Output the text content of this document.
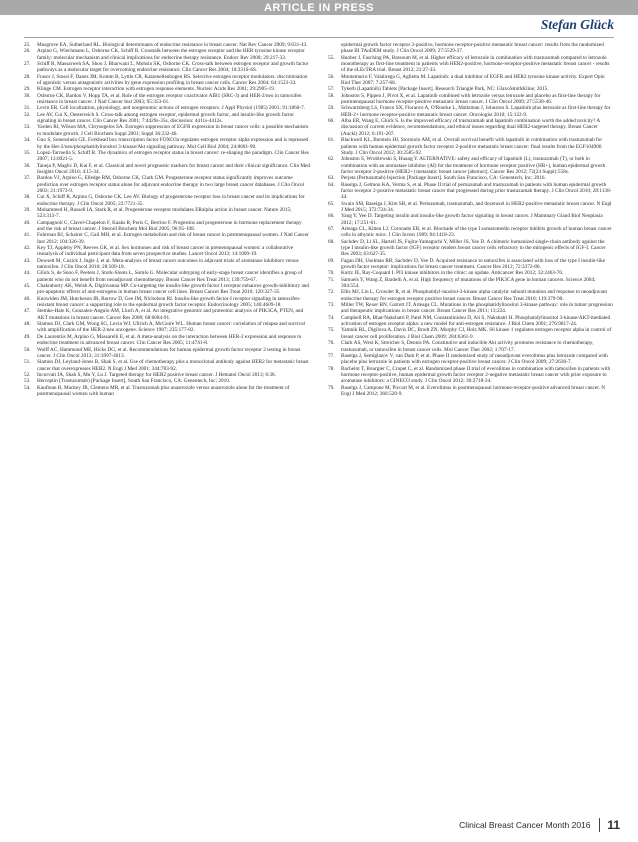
ARTICLE IN PRESS
Stefan Glück
25.	Musgrove EA, Sutherland RL. Biological determinants of endocrine resistance in breast cancer. Nat Rev Cancer 2009; 9:631-43.
26.	Arpino G, Wiechmann L, Osborne CK, Schiff R. Crosstalk between the estrogen receptor and the HER tyrosine kinase receptor family: molecular mechanism and clinical implications for endocrine therapy resistance. Endocr Rev 2008; 29:217-33.
27.	Schiff R, Massarweh SA, Shou J, Bharwani L, Mohsin SK, Osborne CK. Cross-talk between estrogen receptor and growth factor pathways as a molecular target for overcoming endocrine resistance. Clin Cancer Res 2004; 10:331S-6S.
28.	Frasor J, Stossi F, Danes JM, Komm B, Lyttle CR, Katzenellenbogen BS. Selective estrogen receptor modulators: discrimination of agonistic versus antagonistic activities by gene expression profiling in breast cancer cells. Cancer Res 2004; 64:1522-33.
29.	Klinge CM. Estrogen receptor interaction with estrogen response elements. Nucleic Acids Res 2001; 29:2905-19.
30.	Osborne CK, Bardou V, Hopp TA, et al. Role of the estrogen receptor coactivator AIB1 (SRC-3) and HER-2/neu in tamoxifen resistance in breast cancer. J Natl Cancer Inst 2003; 95:353-61.
31.	Levin ER. Cell localization, physiology, and nongenomic actions of estrogen receptors. J Appl Physiol (1985) 2001; 91:1860-7.
32.	Lee AV, Cui X, Oesterreich S. Cross-talk among estrogen receptor, epidermal growth factor, and insulin-like growth factor signaling in breast cancer. Clin Cancer Res 2001; 7:4429s-35s, discussion: 4411s-4412s.
33.	Yarden RI, Wilson MA, Chrysogelos SA. Estrogen suppression of EGFR expression in breast cancer cells: a possible mechanism to modulate growth. J Cell Biochem Suppl 2001; Suppl 36:232-46.
34.	Guo S, Sonenshein GE. Forkhead box transcription factor FOXO3a regulates estrogen receptor alpha expression and is repressed by the Her-2/neu/phosphatidylinositol 3-kinase/Akt signaling pathway. Mol Cell Biol 2004; 24:8681-90.
35.	Lopez-Tarruella S, Schiff R. The dynamics of estrogen receptor status in breast cancer: re-shaping the paradigm. Clin Cancer Res 2007; 13:6921-5.
36.	Taneja P, Maglic D, Kai F, et al. Classical and novel prognostic markers for breast cancer and their clinical significance. Clin Med Insights Oncol 2010; 4:15-34.
37.	Bardou VJ, Arpino G, Elledge RM, Osborne CK, Clark GM. Progesterone receptor status significantly improves outcome prediction over estrogen receptor status alone for adjuvant endocrine therapy in two large breast cancer databases. J Clin Oncol 2003; 21:1973-9.
38.	Cui X, Schiff R, Arpino G, Osborne CK, Lee AV. Biology of progesterone receptor loss in breast cancer and its implications for endocrine therapy. J Clin Oncol 2005; 23:7721-35.
39.	Mohammed H, Russell IA, Stark R, et al. Progesterone receptor modulates ERalpha action in breast cancer. Nature 2015; 523:313-7.
40.	Campagnoli C, Clavel-Chapelon F, Kaaks R, Peris C, Berrino F. Progestins and progesterone in hormone replacement therapy and the risk of breast cancer. J Steroid Biochem Mol Biol 2005; 96:95-108.
41.	Fuhrman BJ, Schairer C, Gail MH, et al. Estrogen metabolism and risk of breast cancer in postmenopausal women. J Natl Cancer Inst 2012; 104:326-39.
42.	Key TJ, Appleby PN, Reeves GK, et al. Sex hormones and risk of breast cancer in premenopausal women: a collaborative reanalysis of individual participant data from seven prospective studies. Lancet Oncol 2013; 14:1009-19.
43.	Dowsett M, Cuzick J, Ingle J, et al. Meta-analysis of breast cancer outcomes in adjuvant trials of aromatase inhibitors versus tamoxifen. J Clin Oncol 2010; 28:509-18.
44.	Glück S, de Snoo F, Peeters J, Stork-Sloots L, Somlo G. Molecular subtyping of early-stage breast cancer identifies a group of patients who do not benefit from neoadjuvant chemotherapy. Breast Cancer Res Treat 2013; 139:759-67.
45.	Chakraborty AK, Welsh A, Digiovanna MP. Co-targeting the insulin-like growth factor I receptor enhances growth-inhibitory and pro-apoptotic effects of anti-estrogens in human breast cancer cell lines. Breast Cancer Res Treat 2010; 120:327-35.
46.	Knowlden JM, Hutcheson IR, Barrow D, Gee JM, Nicholson RI. Insulin-like growth factor-I receptor signaling in tamoxifen-resistant breast cancer: a supporting role to the epidermal growth factor receptor. Endocrinology 2005; 146:4609-18.
47.	Stemke-Hale K, Gonzalez-Angulo AM, Lluch A, et al. An integrative genomic and proteomic analysis of PIK3CA, PTEN, and AKT mutations in breast cancer. Cancer Res 2008; 68:6084-91.
48.	Slamon DJ, Clark GM, Wong SG, Levin WJ, Ullrich A, McGuire WL. Human breast cancer: correlation of relapse and survival with amplification of the HER-2/neu oncogene. Science 1987; 235:177-82.
49.	De Laurentiis M, Arpino G, Massarelli E, et al. A meta-analysis on the interaction between HER-2 expression and response to endocrine treatment in advanced breast cancer. Clin Cancer Res 2005; 11:4741-8.
50.	Wolff AC, Hammond ME, Hicks DG, et al. Recommendations for human epidermal growth factor receptor 2 testing in breast cancer. J Clin Oncol 2013; 31:3997-4013.
51.	Slamon DJ, Leyland-Jones B, Shak S, et al. Use of chemotherapy plus a monoclonal antibody against HER2 for metastatic breast cancer that overexpresses HER2. N Engl J Med 2001; 344:783-92.
52.	Incorvati JA, Shah S, Mu Y, Lu J. Targeted therapy for HER2 positive breast cancer. J Hematol Oncol 2013; 6:38.
53.	Herceptin (Trastuzumab) [Package Insert]. South San Francisco, CA: Genentech, Inc; 2010.
54.	Kaufman B, Mackey JR, Clemens MR, et al. Trastuzumab plus anastrozole versus anastrozole alone for the treatment of postmenopausal women with human
epidermal growth factor receptor 2-positive, hormone receptor-positive metastatic breast cancer: results from the randomized phase III TAnDEM study. J Clin Oncol 2009; 27:5529-37.
55.	Huober J, Fasching PA, Barsoum M, et al. Higher efficacy of letrozole in combination with trastuzumab compared to letrozole monotherapy as first-line treatment in patients with HER2-positive, hormone-receptor-positive metastatic breast cancer - results of the eLEcTRA trial. Breast 2012; 21:27-33.
56.	Montemurro F, Valabrega G, Aglietta M. Lapatinib: a dual inhibitor of EGFR and HER2 tyrosine kinase activity. Expert Opin Biol Ther 2007; 7:257-68.
57.	Tykerb (Lapatinib) Tablets [Package Insert]. Research Triangle Park, NC: GlaxoSmithKline; 2015.
58.	Johnston S, Pippen J, Pivot X, et al. Lapatinib combined with letrozole versus letrozole and placebo as first-line therapy for postmenopausal hormone receptor-positive metastatic breast cancer. J Clin Oncol 2009; 27:5538-46.
59.	Schwartzberg LS, Franco SX, Florance A, O'Rourke L, Maltzman J, Johnston S. Lapatinib plus letrozole as first-line therapy for HER-2+ hormone receptor-positive metastatic breast cancer. Oncologist 2010; 15:122-9.
60.	Alba ER, Wang E, Glück S. Is the improved efficacy of trastuzumab and lapatinib combination worth the added toxicity? A discussion of current evidence, recommendations, and ethical issues regarding dual HER2-targeted therapy. Breast Cancer (Auckl) 2012; 6:191-207.
61.	Blackwell KL, Burstein HJ, Storniolo AM, et al. Overall survival benefit with lapatinib in combination with trastuzumab for patients with human epidermal growth factor receptor 2-positive metastatic breast cancer: final results from the EGF104900 Study. J Clin Oncol 2012; 30:2585-92.
62.	Johnston S, Wroblewski S, Huang Y. ALTERNATIVE: safety and efficacy of lapatinib (L), trastuzumab (T), or both in combination with an aromatase inhibitor (AI) for the treatment of hormone receptor positive (HR+), human epidermal growth factor receptor 2-positive (HER2+) metastatic breast cancer [abstract]. Cancer Res 2012; 72(24 Suppl):558s.
63.	Perjeta (Pertuzumab) Injection [Package Insert]. South San Francisco, CA: Genentech, Inc; 2016.
64.	Baselga J, Gelmon KA, Verma S, et al. Phase II trial of pertuzumab and trastuzumab in patients with human epidermal growth factor receptor 2-positive metastatic breast cancer that progressed during prior trastuzumab therapy. J Clin Oncol 2010; 28:1138-44.
65.	Swain SM, Baselga J, Kim SB, et al. Pertuzumab, trastuzumab, and docetaxel in HER2-positive metastatic breast cancer. N Engl J Med 2015; 372:724-34.
66.	Yang Y, Yee D. Targeting insulin and insulin-like growth factor signaling in breast cancer. J Mammary Gland Biol Neoplasia 2012; 17:251-61.
67.	Arteaga CL, Kitten LJ, Coronado EB, et al. Blockade of the type I somatomedin receptor inhibits growth of human breast cancer cells in athymic mice. J Clin Invest 1989; 84:1418-23.
68.	Sachdev D, Li SL, Hartell JS, Fujita-Yamaguchi Y, Miller JS, Yee D. A chimeric humanized single-chain antibody against the type I insulin-like growth factor (IGF) receptor renders breast cancer cells refractory to the mitogenic effects of IGF-I. Cancer Res 2003; 63:627-35.
69.	Fagan DH, Uselman RR, Sachdev D, Yee D. Acquired resistance to tamoxifen is associated with loss of the type I insulin-like growth factor receptor: implications for breast cancer treatment. Cancer Res 2012; 72:3372-80.
70.	Kurtz JE, Ray-Coquard I. PI3 kinase inhibitors in the clinic: an update. Anticancer Res 2012; 32:2463-70.
71.	Samuels Y, Wang Z, Bardelli A, et al. High frequency of mutations of the PIK3CA gene in human cancers. Science 2004; 304:554.
72.	Ellis MJ, Lin L, Crowder R, et al. Phosphatidyl-inositol-3-kinase alpha catalytic subunit mutation and response to neoadjuvant endocrine therapy for estrogen receptor positive breast cancer. Breast Cancer Res Treat 2010; 119:379-90.
73.	Miller TW, Rexer BN, Garrett JT, Arteaga CL. Mutations in the phosphatidylinositol 3-kinase pathway: role in tumor progression and therapeutic implications in breast cancer. Breast Cancer Res 2011; 13:224.
74.	Campbell RA, Bhat-Nakshatri P, Patel NM, Constantinidou D, Ali S, Nakshatri H. Phosphatidylinositol 3-kinase/AKT-mediated activation of estrogen receptor alpha: a new model for anti-estrogen resistance. J Biol Chem 2001; 276:9817-24.
75.	Yamnik RL, Digilova A, Davis DC, Brodt ZN, Murphy CJ, Holz MK. S6 kinase 1 regulates estrogen receptor alpha in control of breast cancer cell proliferation. J Biol Chem 2009; 284:6361-9.
76.	Clark AS, West K, Streicher S, Dennis PA. Constitutive and inducible Akt activity promotes resistance to chemotherapy, trastuzumab, or tamoxifen in breast cancer cells. Mol Cancer Ther 2002; 1:707-17.
77.	Baselga J, Semiglazov V, van Dam P, et al. Phase II randomized study of neoadjuvant everolimus plus letrozole compared with placebo plus letrozole in patients with estrogen receptor-positive breast cancer. J Clin Oncol 2009; 27:2630-7.
78.	Bachelot T, Bourgier C, Cropet C, et al. Randomized phase II trial of everolimus in combination with tamoxifen in patients with hormone receptor-positive, human epidermal growth factor receptor 2-negative metastatic breast cancer with prior exposure to aromatase inhibitors: a GINECO study. J Clin Oncol 2012; 30:2718-24.
79.	Baselga J, Campone M, Piccart M, et al. Everolimus in postmenopausal hormone-receptor-positive advanced breast cancer. N Engl J Med 2012; 366:520-9.
Clinical Breast Cancer Month 2016 11
